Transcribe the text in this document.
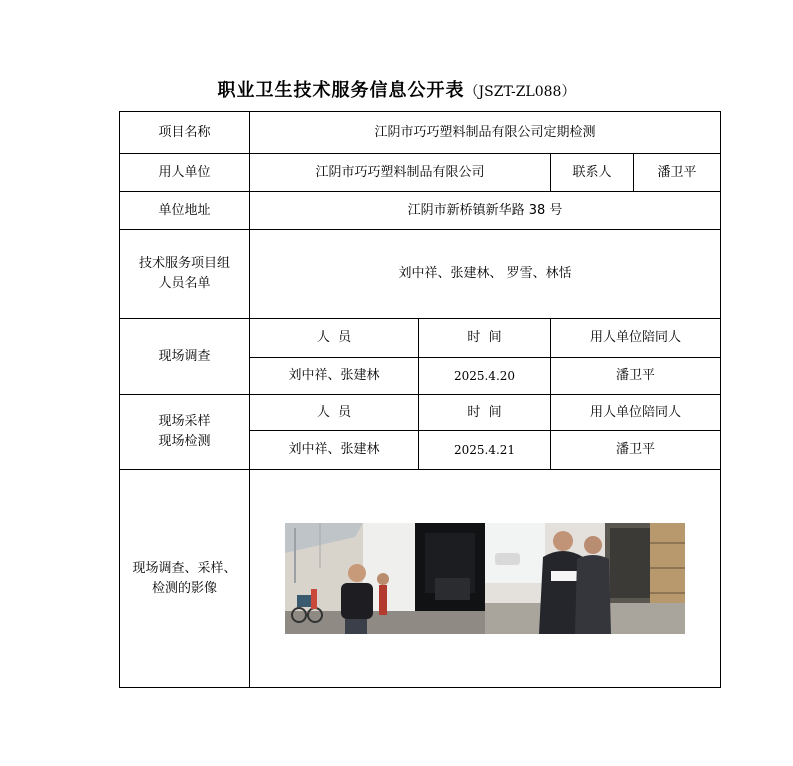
职业卫生技术服务信息公开表（JSZT-ZL088）
项目名称	江阴市巧巧塑料制品有限公司定期检测			
用人单位	江阴市巧巧塑料制品有限公司		联系人	潘卫平
单位地址	江阴市新桥镇新华路 38 号			

技术服务项目组
人员名单	刘中祥、张建林、 罗雪、林恬			
现场调查	人  员	时  间	用人单位陪同人	
	刘中祥、张建林	2025.4.20	潘卫平	

现场采样
现场检测	人  员	时  间	用人单位陪同人	
	刘中祥、张建林	2025.4.21	潘卫平	

现场调查、采样、
检测的影像
